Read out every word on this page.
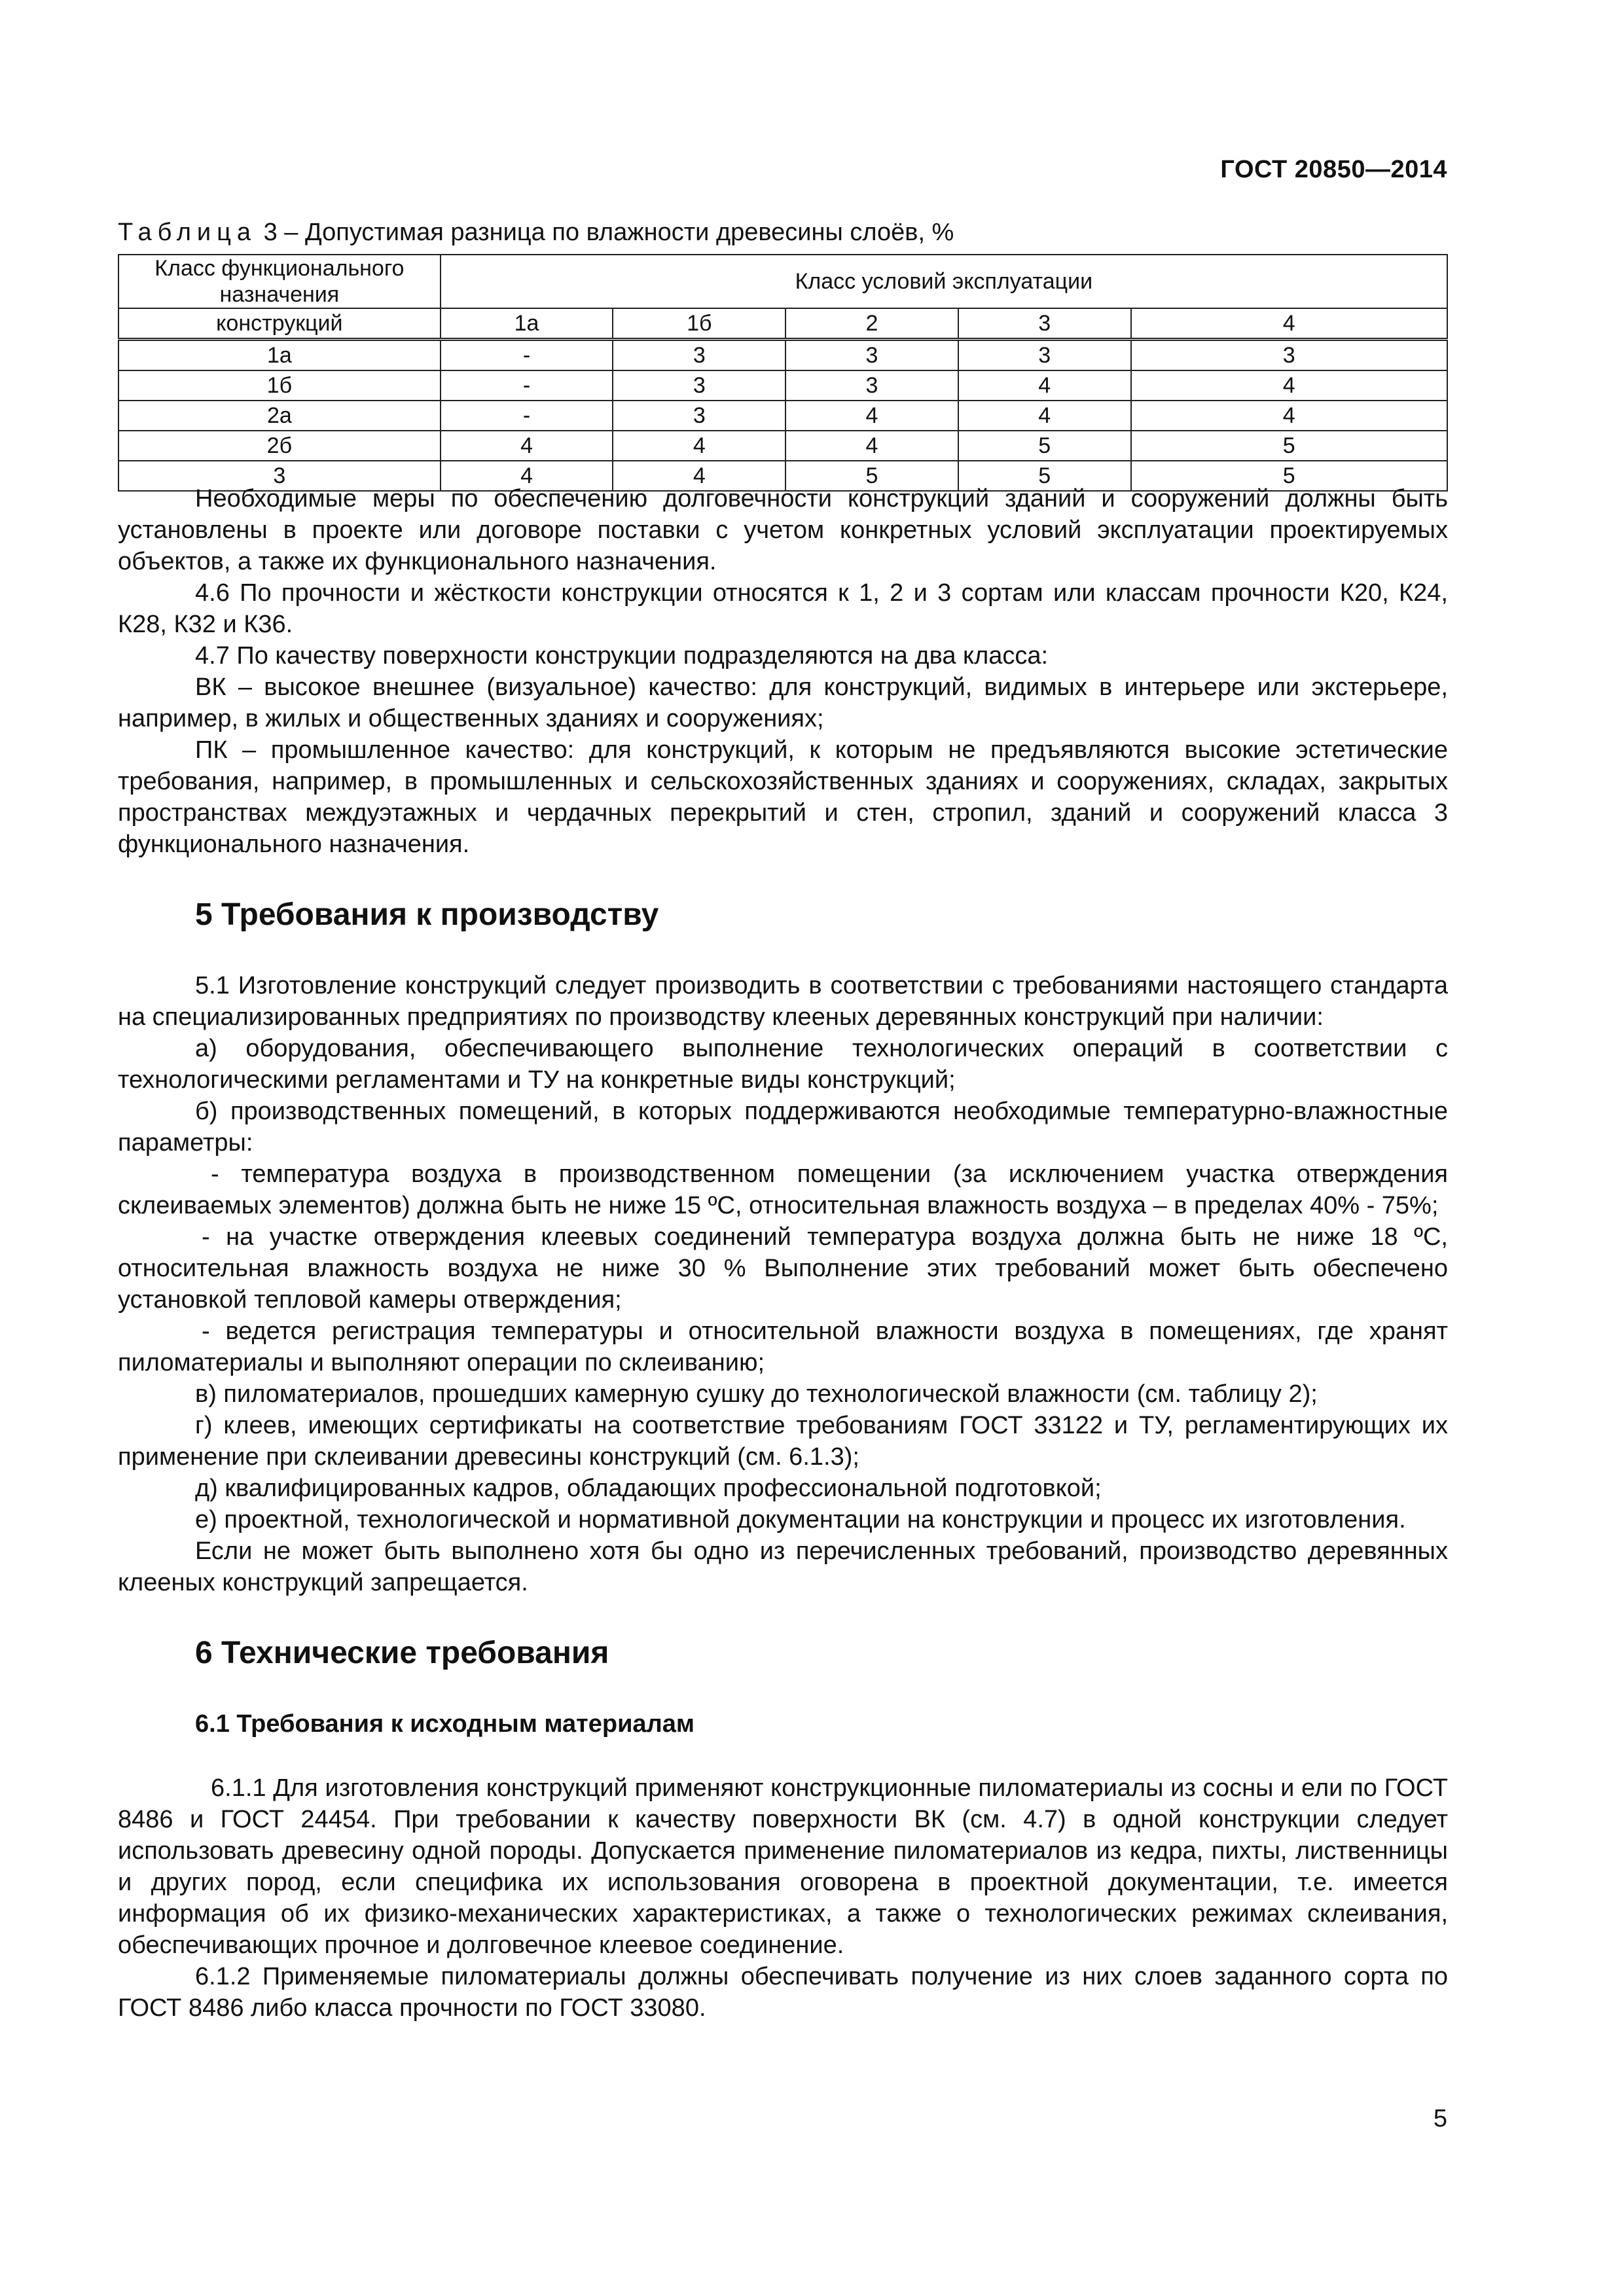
ГОСТ 20850—2014
Таблица 3 – Допустимая разница по влажности древесины слоёв, %
Класс функционального назначения	Класс условий эксплуатации				
конструкций	1а	1б	2	3	4
1а	-	3	3	3	3
1б	-	3	3	4	4
2а	-	3	4	4	4
2б	4	4	4	5	5
3	4	4	5	5	5

Необходимые меры по обеспечению долговечности конструкций зданий и сооружений должны быть установлены в проекте или договоре поставки с учетом конкретных условий эксплуатации проектируемых объектов, а также их функционального назначения.

4.6 По прочности и жёсткости конструкции относятся к 1, 2 и 3 сортам или классам прочности К20, К24, К28, К32 и К36.

4.7 По качеству поверхности конструкции подразделяются на два класса:

ВК – высокое внешнее (визуальное) качество: для конструкций, видимых в интерьере или экстерьере, например, в жилых и общественных зданиях и сооружениях;

ПК – промышленное качество: для конструкций, к которым не предъявляются высокие эстетические требования, например, в промышленных и сельскохозяйственных зданиях и сооружениях, складах, закрытых пространствах междуэтажных и чердачных перекрытий и стен, стропил, зданий и сооружений класса 3 функционального назначения.

5 Требования к производству

5.1 Изготовление конструкций следует производить в соответствии с требованиями настоящего стандарта на специализированных предприятиях по производству клееных деревянных конструкций при наличии:

а) оборудования, обеспечивающего выполнение технологических операций в соответствии с технологическими регламентами и ТУ на конкретные виды конструкций;

б) производственных помещений, в которых поддерживаются необходимые температурно-влажностные параметры:

- температура воздуха в производственном помещении (за исключением участка отверждения склеиваемых элементов) должна быть не ниже 15 ºС, относительная влажность воздуха – в пределах 40% - 75%;

- на участке отверждения клеевых соединений температура воздуха должна быть не ниже 18 ºС, относительная влажность воздуха не ниже 30 % Выполнение этих требований может быть обеспечено установкой тепловой камеры отверждения;

- ведется регистрация температуры и относительной влажности воздуха в помещениях, где хранят пиломатериалы и выполняют операции по склеиванию;

в) пиломатериалов, прошедших камерную сушку до технологической влажности (см. таблицу 2);

г) клеев, имеющих сертификаты на соответствие требованиям ГОСТ 33122 и ТУ, регламентирующих их применение при склеивании древесины конструкций (см. 6.1.3);

д) квалифицированных кадров, обладающих профессиональной подготовкой;

е) проектной, технологической и нормативной документации на конструкции и процесс их изготовления.

Если не может быть выполнено хотя бы одно из перечисленных требований, производство деревянных клееных конструкций запрещается.

6 Технические требования
6.1 Требования к исходным материалам

6.1.1 Для изготовления конструкций применяют конструкционные пиломатериалы из сосны и ели по ГОСТ 8486 и ГОСТ 24454. При требовании к качеству поверхности ВК (см. 4.7) в одной конструкции следует использовать древесину одной породы. Допускается применение пиломатериалов из кедра, пихты, лиственницы и других пород, если специфика их использования оговорена в проектной документации, т.е. имеется информация об их физико-механических характеристиках, а также о технологических режимах склеивания, обеспечивающих прочное и долговечное клеевое соединение.

6.1.2 Применяемые пиломатериалы должны обеспечивать получение из них слоев заданного сорта по ГОСТ 8486 либо класса прочности по ГОСТ 33080.

5
